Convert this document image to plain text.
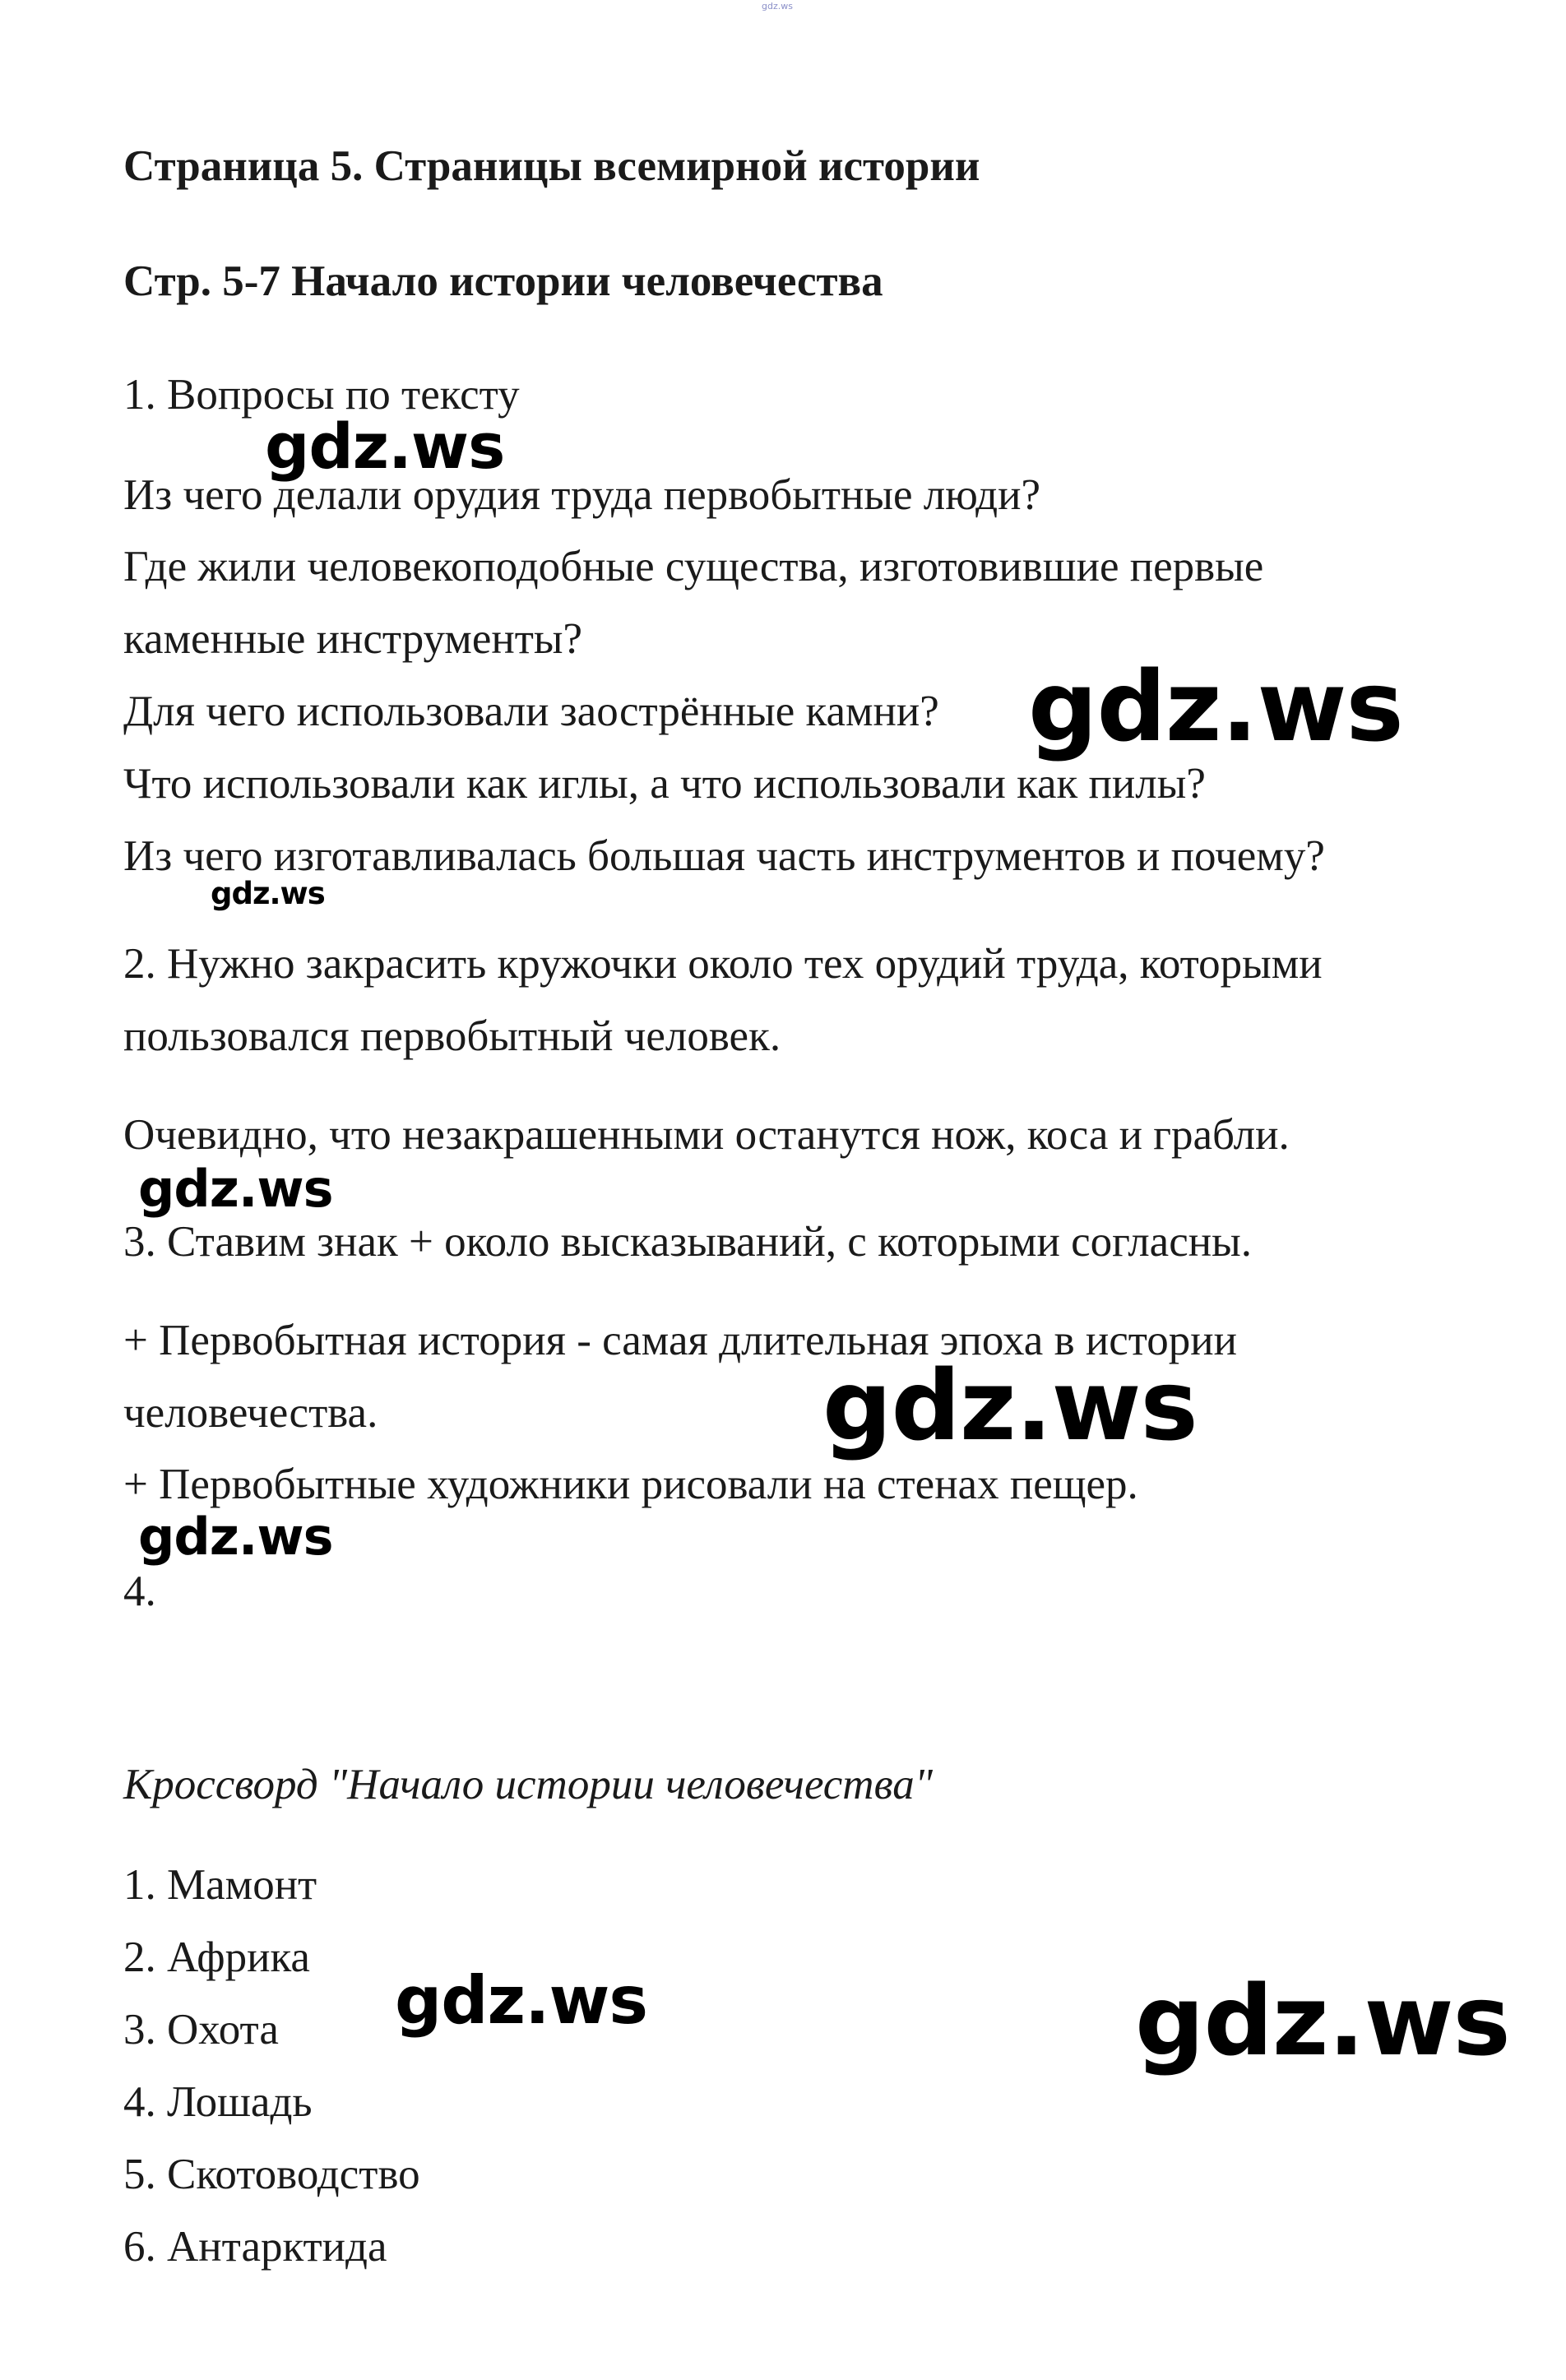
gdz.ws
Страница 5. Страницы всемирной истории
Стр. 5-7 Начало истории человечества
1. Вопросы по тексту
Из чего делали орудия труда первобытные люди?
Где жили человекоподобные существа, изготовившие первые
каменные инструменты?
Для чего использовали заострённые камни?
Что использовали как иглы, а что использовали как пилы?
Из чего изготавливалась большая часть инструментов и почему?
2. Нужно закрасить кружочки около тех орудий труда, которыми
пользовался первобытный человек.
Очевидно, что незакрашенными останутся нож, коса и грабли.
3. Ставим знак + около высказываний, с которыми согласны.
+ Первобытная история - самая длительная эпоха в истории
человечества.
+ Первобытные художники рисовали на стенах пещер.
4.
Кроссворд "Начало истории человечества"
1. Мамонт
2. Африка
3. Охота
4. Лошадь
5. Скотоводство
6. Антарктида
gdz.ws
gdz.ws
gdz.ws
gdz.ws
gdz.ws
gdz.ws
gdz.ws	gdz.ws
